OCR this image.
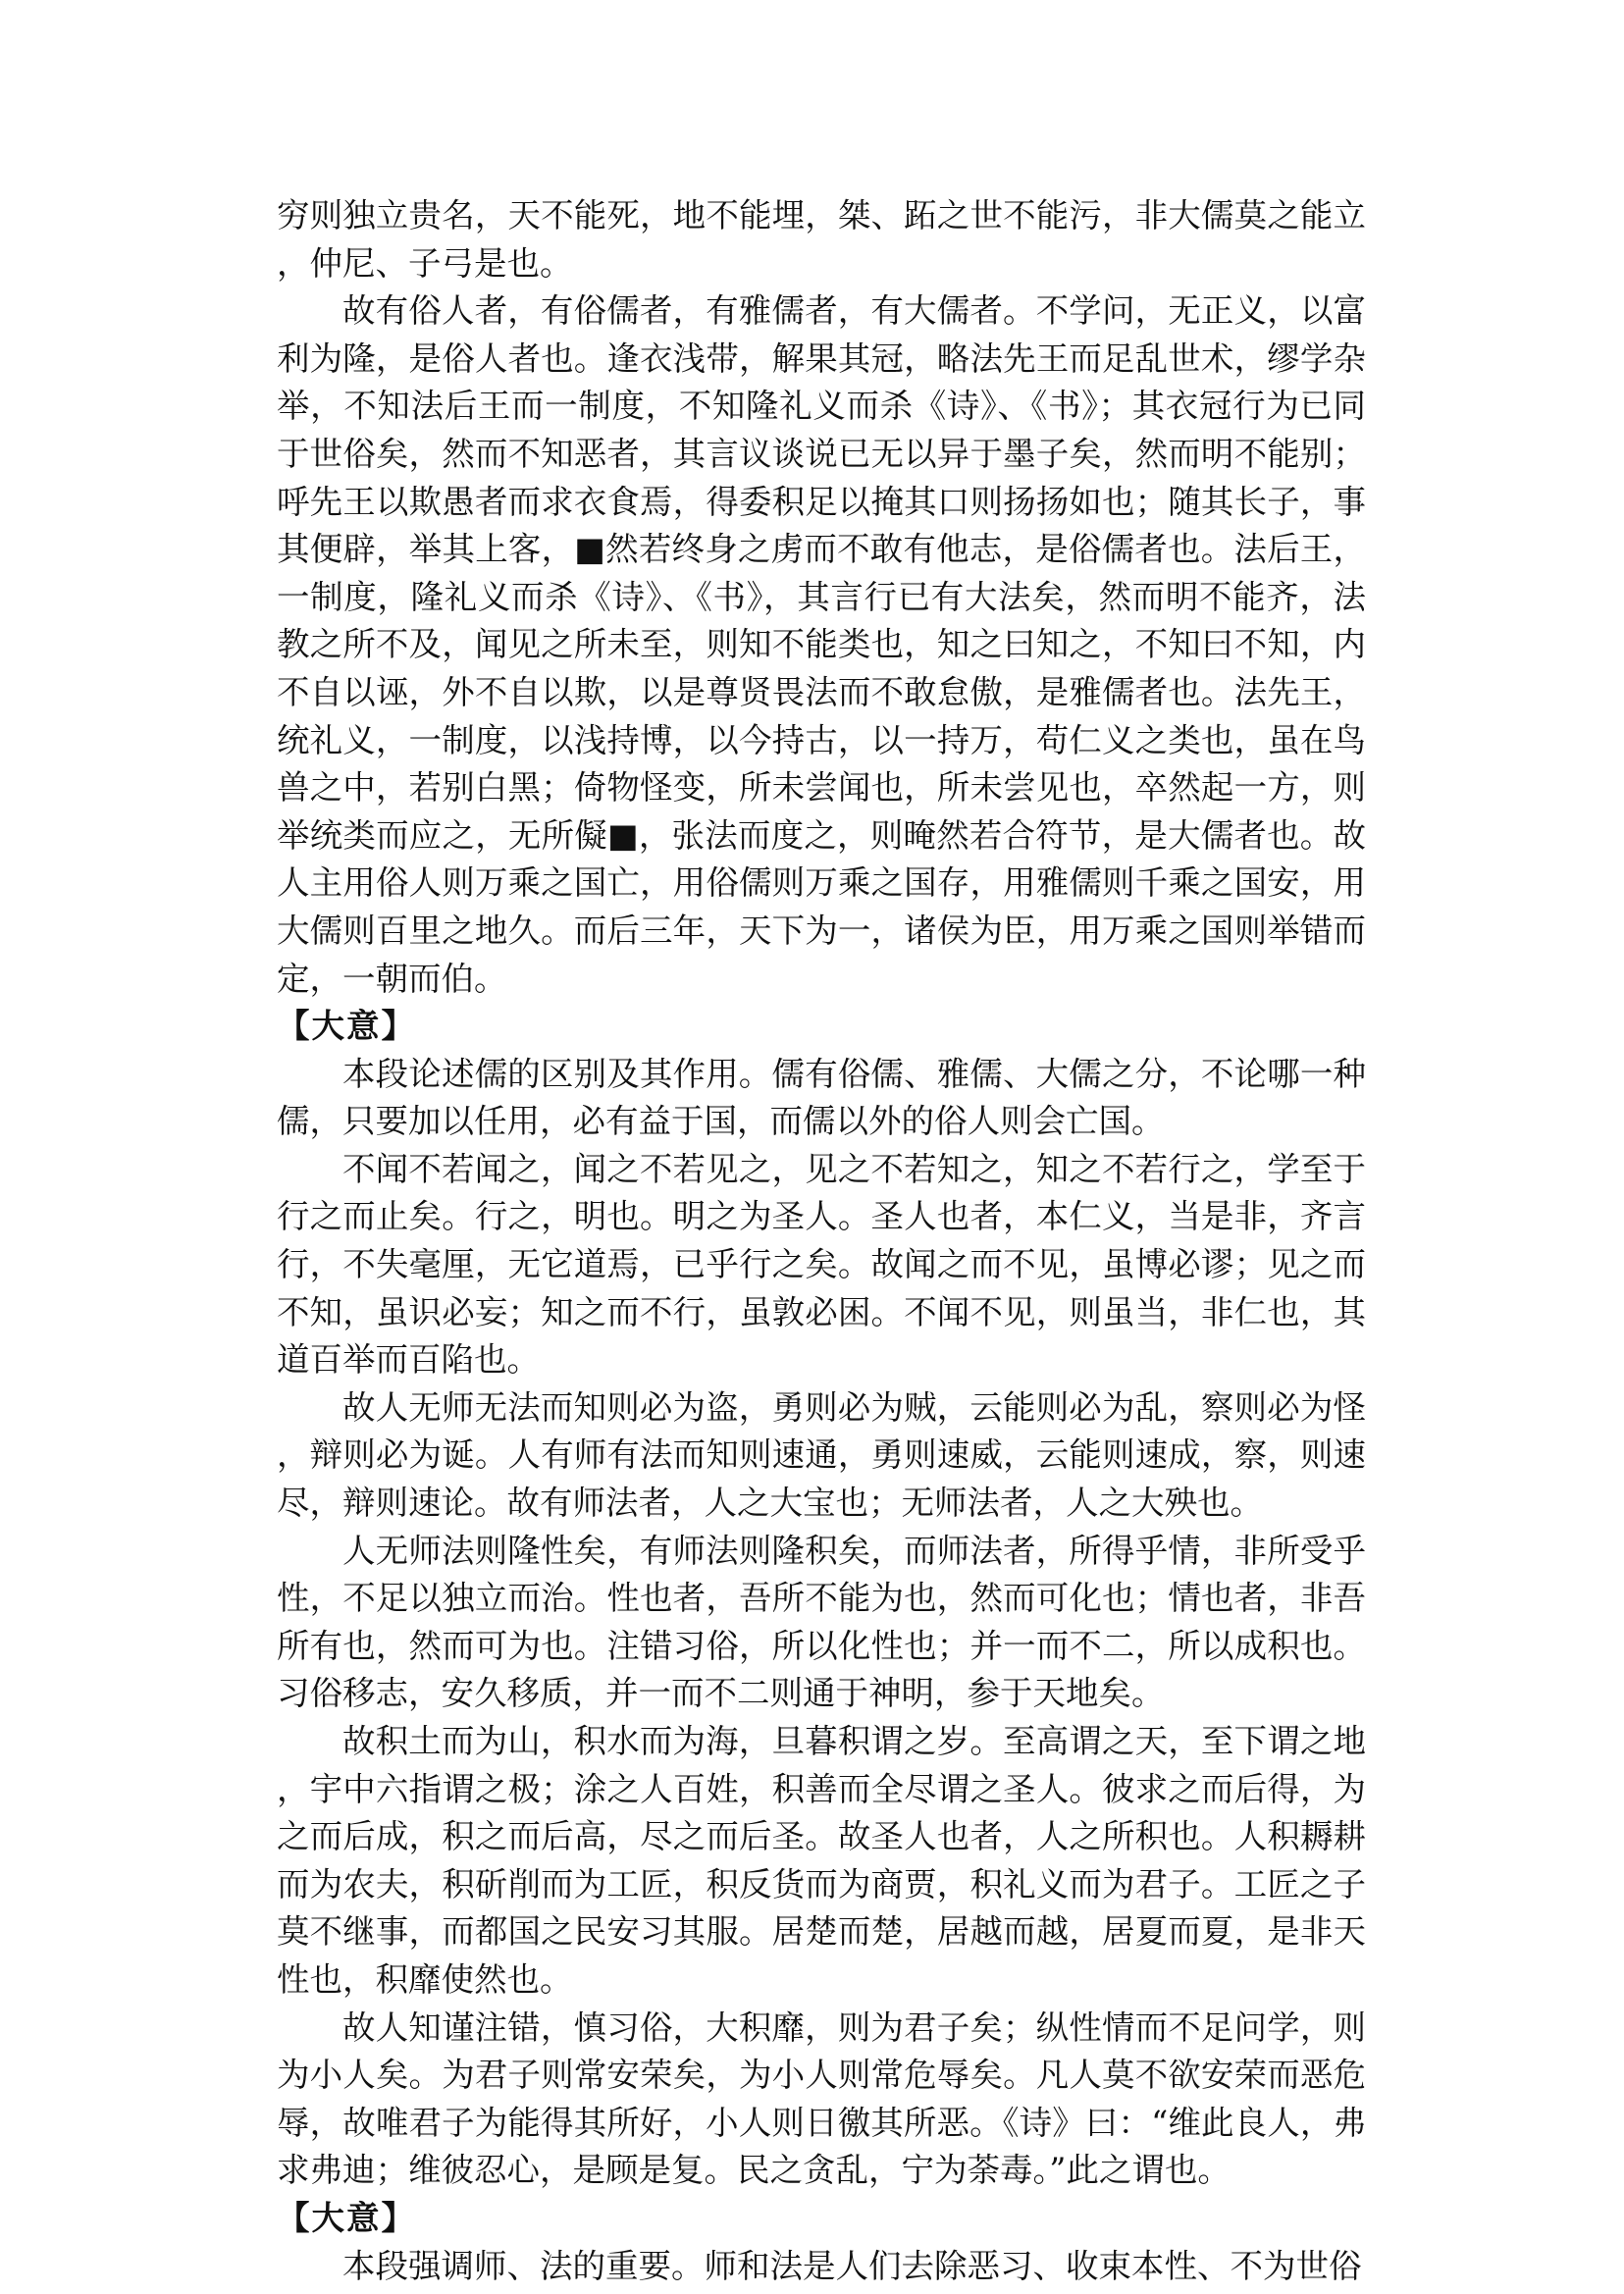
穷则独立贵名，天不能死，地不能埋，桀、跖之世不能污，非大儒莫之能立，仲尼、子弓是也。

故有俗人者，有俗儒者，有雅儒者，有大儒者。不学问，无正义，以富利为隆，是俗人者也。逢衣浅带，解果其冠，略法先王而足乱世术，缪学杂举，不知法后王而一制度，不知隆礼义而杀《诗》、《书》；其衣冠行为已同于世俗矣，然而不知恶者，其言议谈说已无以异于墨子矣，然而明不能别；呼先王以欺愚者而求衣食焉，得委积足以掩其口则扬扬如也；随其长子，事其便辟，举其上客，■然若终身之虏而不敢有他志，是俗儒者也。法后王，一制度，隆礼义而杀《诗》、《书》，其言行已有大法矣，然而明不能齐，法教之所不及，闻见之所未至，则知不能类也，知之曰知之，不知曰不知，内不自以诬，外不自以欺，以是尊贤畏法而不敢怠傲，是雅儒者也。法先王，统礼义，一制度，以浅持博，以今持古，以一持万，苟仁义之类也，虽在鸟兽之中，若别白黑；倚物怪变，所未尝闻也，所未尝见也，卒然起一方，则举统类而应之，无所儗■，张法而度之，则晻然若合符节，是大儒者也。故人主用俗人则万乘之国亡，用俗儒则万乘之国存，用雅儒则千乘之国安，用大儒则百里之地久。而后三年，天下为一，诸侯为臣，用万乘之国则举错而定，一朝而伯。

【大意】

本段论述儒的区别及其作用。儒有俗儒、雅儒、大儒之分，不论哪一种儒，只要加以任用，必有益于国，而儒以外的俗人则会亡国。

不闻不若闻之，闻之不若见之，见之不若知之，知之不若行之，学至于行之而止矣。行之，明也。明之为圣人。圣人也者，本仁义，当是非，齐言行，不失毫厘，无它道焉，已乎行之矣。故闻之而不见，虽博必谬；见之而不知，虽识必妄；知之而不行，虽敦必困。不闻不见，则虽当，非仁也，其道百举而百陷也。

故人无师无法而知则必为盗，勇则必为贼，云能则必为乱，察则必为怪，辩则必为诞。人有师有法而知则速通，勇则速威，云能则速成，察，则速尽，辩则速论。故有师法者，人之大宝也；无师法者，人之大殃也。

人无师法则隆性矣，有师法则隆积矣，而师法者，所得乎情，非所受乎性，不足以独立而治。性也者，吾所不能为也，然而可化也；情也者，非吾所有也，然而可为也。注错习俗，所以化性也；并一而不二，所以成积也。习俗移志，安久移质，并一而不二则通于神明，参于天地矣。

故积土而为山，积水而为海，旦暮积谓之岁。至高谓之天，至下谓之地，宇中六指谓之极；涂之人百姓，积善而全尽谓之圣人。彼求之而后得，为之而后成，积之而后高，尽之而后圣。故圣人也者，人之所积也。人积耨耕而为农夫，积斫削而为工匠，积反货而为商贾，积礼义而为君子。工匠之子莫不继事，而都国之民安习其服。居楚而楚，居越而越，居夏而夏，是非天性也，积靡使然也。

故人知谨注错，慎习俗，大积靡，则为君子矣；纵性情而不足问学，则为小人矣。为君子则常安荣矣，为小人则常危辱矣。凡人莫不欲安荣而恶危辱，故唯君子为能得其所好，小人则日徼其所恶。《诗》曰：“维此良人，弗求弗迪；维彼忍心，是顾是复。民之贪乱，宁为荼毒。”此之谓也。

【大意】

本段强调师、法的重要。师和法是人们去除恶习、收束本性、不为世俗
